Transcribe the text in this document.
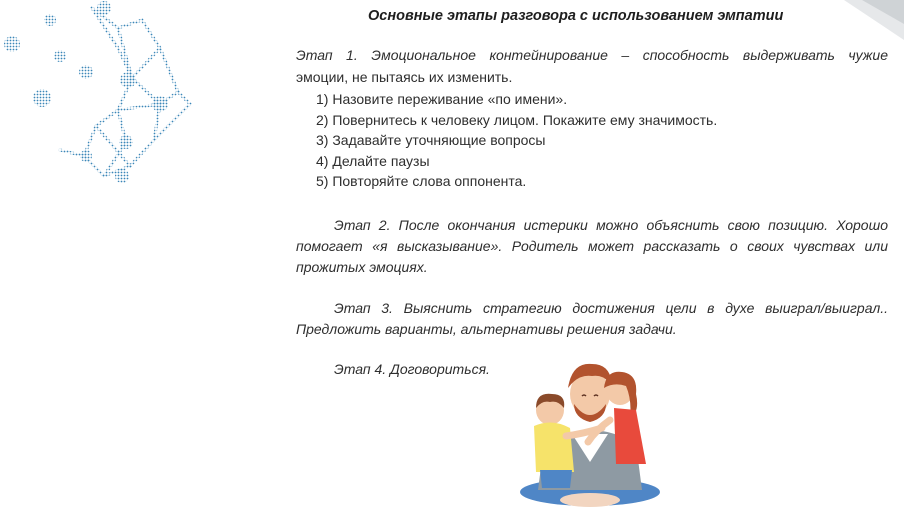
Основные этапы разговора с использованием эмпатии
Этап 1. Эмоциональное контейнирование – способность выдерживать чужие
эмоции, не пытаясь их изменить.
1) Назовите переживание «по имени».
2) Повернитесь к человеку лицом. Покажите ему значимость.
3) Задавайте уточняющие вопросы
4) Делайте паузы
5) Повторяйте слова оппонента.
Этап 2. После окончания истерики можно объяснить свою позицию. Хорошо
помогает «я высказывание». Родитель может рассказать о своих чувствах или
прожитых эмоциях.
Этап 3. Выяснить стратегию достижения цели в духе выиграл/выиграл..
Предложить варианты, альтернативы решения задачи.
Этап 4. Договориться.
